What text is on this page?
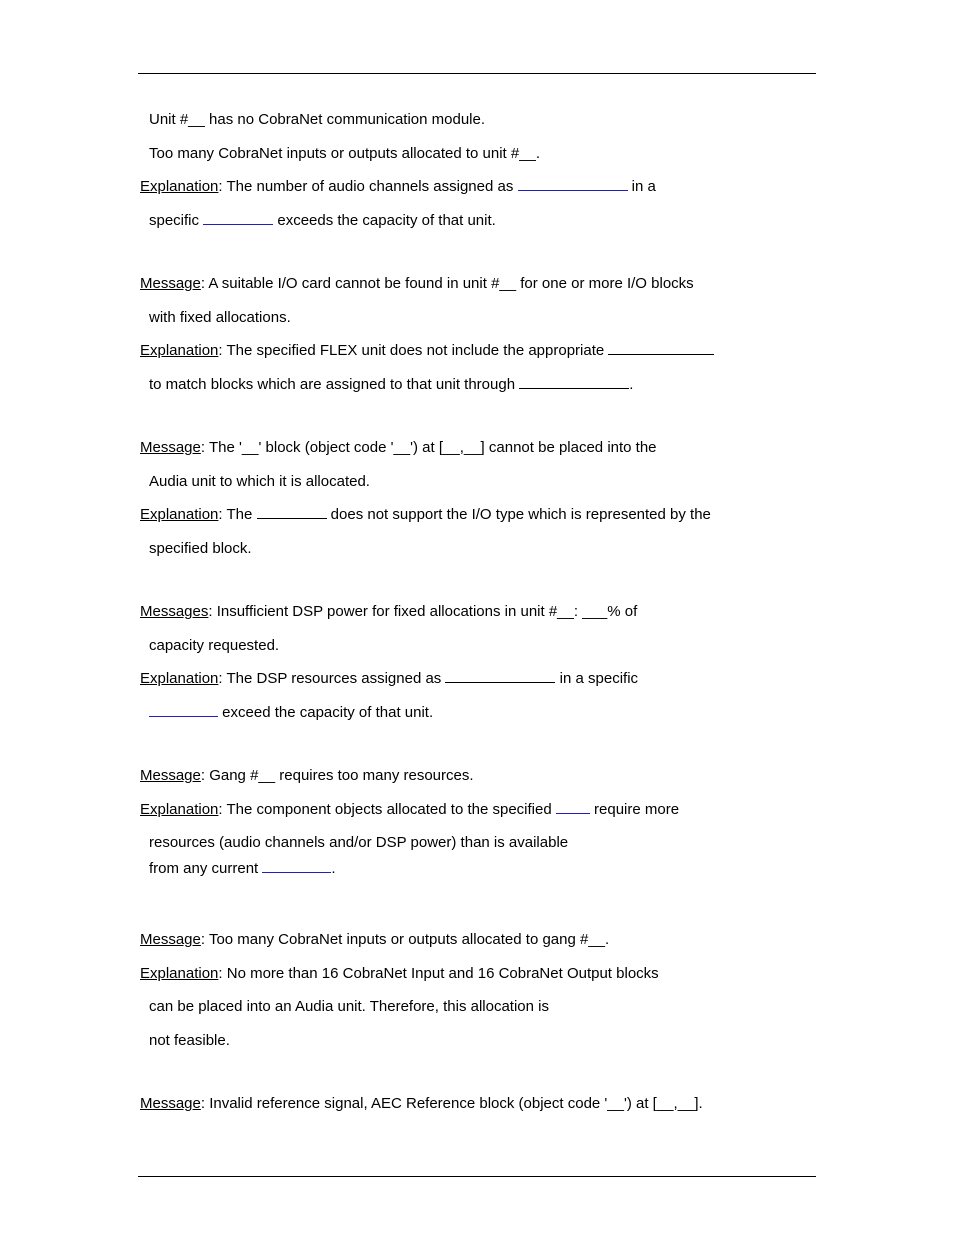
Unit #__ has no CobraNet communication module.
Too many CobraNet inputs or outputs allocated to unit #__.
Explanation: The number of audio channels assigned as	in a
specific	exceeds the capacity of that unit.
Message: A suitable I/O card cannot be found in unit #__ for one or more I/O blocks
with fixed allocations.
Explanation: The specified FLEX unit does not include the appropriate
to match blocks which are assigned to that unit through	.
Message: The '__' block (object code '__') at [__,__] cannot be placed into the
Audia unit to which it is allocated.
Explanation: The	does not support the I/O type which is represented by the
specified block.
Messages: Insufficient DSP power for fixed allocations in unit #__: ___% of
capacity requested.
Explanation: The DSP resources assigned as	in a specific
exceed the capacity of that unit.
Message: Gang #__ requires too many resources.
Explanation: The component objects allocated to the specified  require more
resources (audio channels and/or DSP power) than is available
from any current	.
Message: Too many CobraNet inputs or outputs allocated to gang #__.
Explanation: No more than 16 CobraNet Input and 16 CobraNet Output blocks
can be placed into an Audia unit. Therefore, this allocation is
not feasible.
Message: Invalid reference signal, AEC Reference block (object code '__') at [__,__].
